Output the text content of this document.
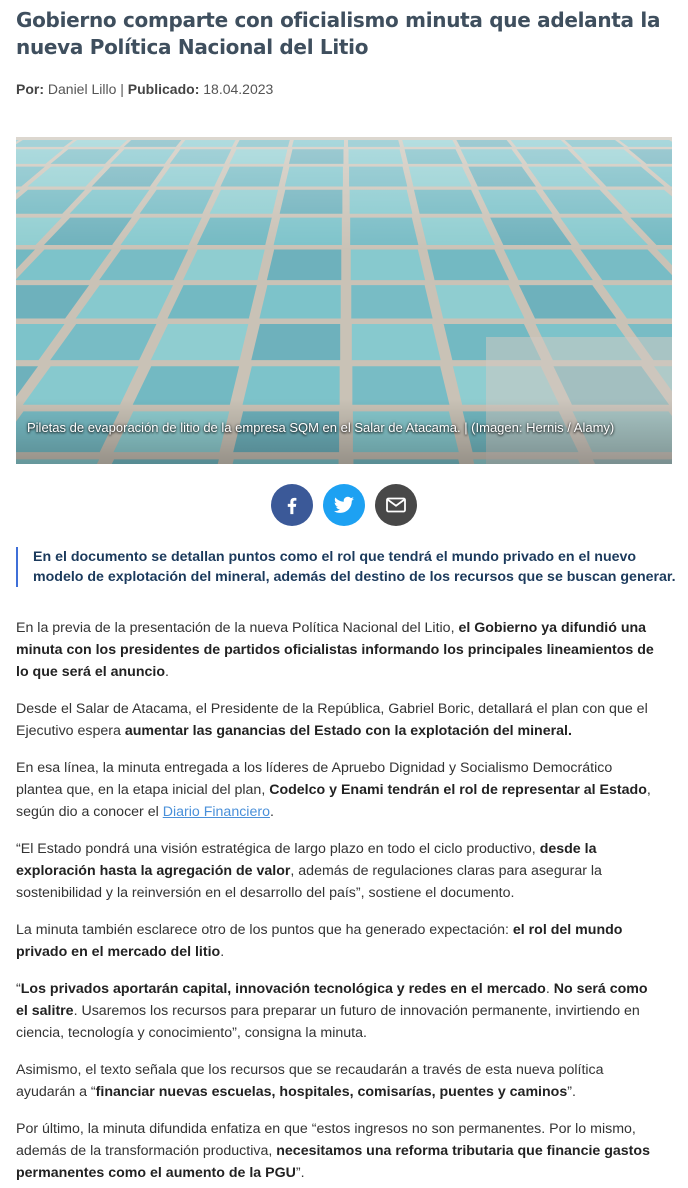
Gobierno comparte con oficialismo minuta que adelanta la nueva Política Nacional del Litio
Por: Daniel Lillo | Publicado: 18.04.2023
Piletas de evaporación de litio de la empresa SQM en el Salar de Atacama. | (Imagen: Hernis / Alamy)
En el documento se detallan puntos como el rol que tendrá el mundo privado en el nuevo modelo de explotación del mineral, además del destino de los recursos que se buscan generar.

En la previa de la presentación de la nueva Política Nacional del Litio, el Gobierno ya difundió una minuta con los presidentes de partidos oficialistas informando los principales lineamientos de lo que será el anuncio.

Desde el Salar de Atacama, el Presidente de la República, Gabriel Boric, detallará el plan con que el Ejecutivo espera aumentar las ganancias del Estado con la explotación del mineral.

En esa línea, la minuta entregada a los líderes de Apruebo Dignidad y Socialismo Democrático plantea que, en la etapa inicial del plan, Codelco y Enami tendrán el rol de representar al Estado, según dio a conocer el Diario Financiero.

“El Estado pondrá una visión estratégica de largo plazo en todo el ciclo productivo, desde la exploración hasta la agregación de valor, además de regulaciones claras para asegurar la sostenibilidad y la reinversión en el desarrollo del país”, sostiene el documento.

La minuta también esclarece otro de los puntos que ha generado expectación: el rol del mundo privado en el mercado del litio.

“Los privados aportarán capital, innovación tecnológica y redes en el mercado. No será como el salitre. Usaremos los recursos para preparar un futuro de innovación permanente, invirtiendo en ciencia, tecnología y conocimiento”, consigna la minuta.

Asimismo, el texto señala que los recursos que se recaudarán a través de esta nueva política ayudarán a “financiar nuevas escuelas, hospitales, comisarías, puentes y caminos”.

Por último, la minuta difundida enfatiza en que “estos ingresos no son permanentes. Por lo mismo, además de la transformación productiva, necesitamos una reforma tributaria que financie gastos permanentes como el aumento de la PGU”.
